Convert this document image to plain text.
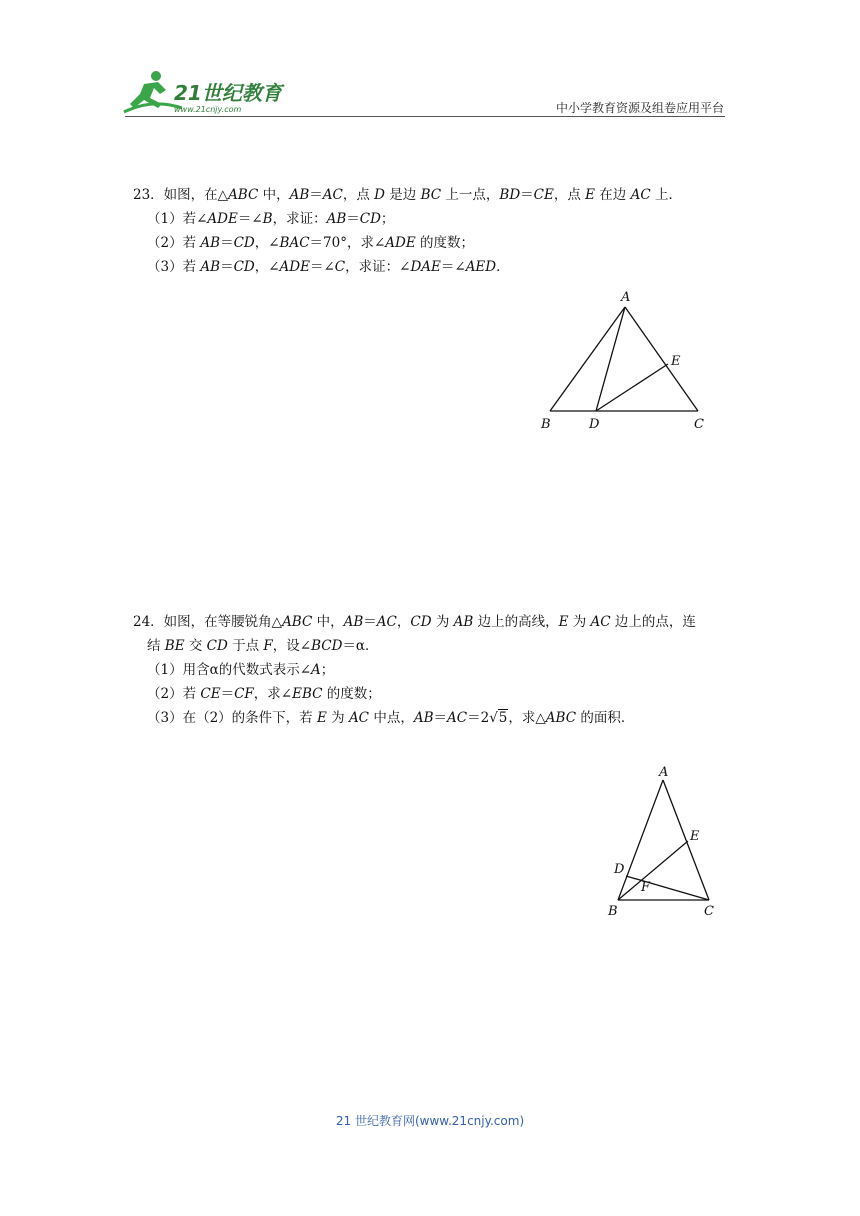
21世纪教育
www.21cnjy.com	中小学教育资源及组卷应用平台

23．如图，在△ABC 中，AB＝AC，点 D 是边 BC 上一点，BD＝CE，点 E 在边 AC 上．

（1）若∠ADE＝∠B，求证：AB＝CD；

（2）若 AB＝CD，∠BAC＝70°，求∠ADE 的度数；

（3）若 AB＝CD，∠ADE＝∠C，求证：∠DAE＝∠AED．

A
B	C
D
E

24．如图，在等腰锐角△ABC 中，AB＝AC，CD 为 AB 边上的高线，E 为 AC 边上的点，连

结 BE 交 CD 于点 F，设∠BCD＝α．

（1）用含α的代数式表示∠A；

（2）若 CE＝CF，求∠EBC 的度数；

（3）在（2）的条件下，若 E 为 AC 中点，AB＝AC＝2√5，求△ABC 的面积．

A
B	C
D
E
F
21 世纪教育网(www.21cnjy.com)
